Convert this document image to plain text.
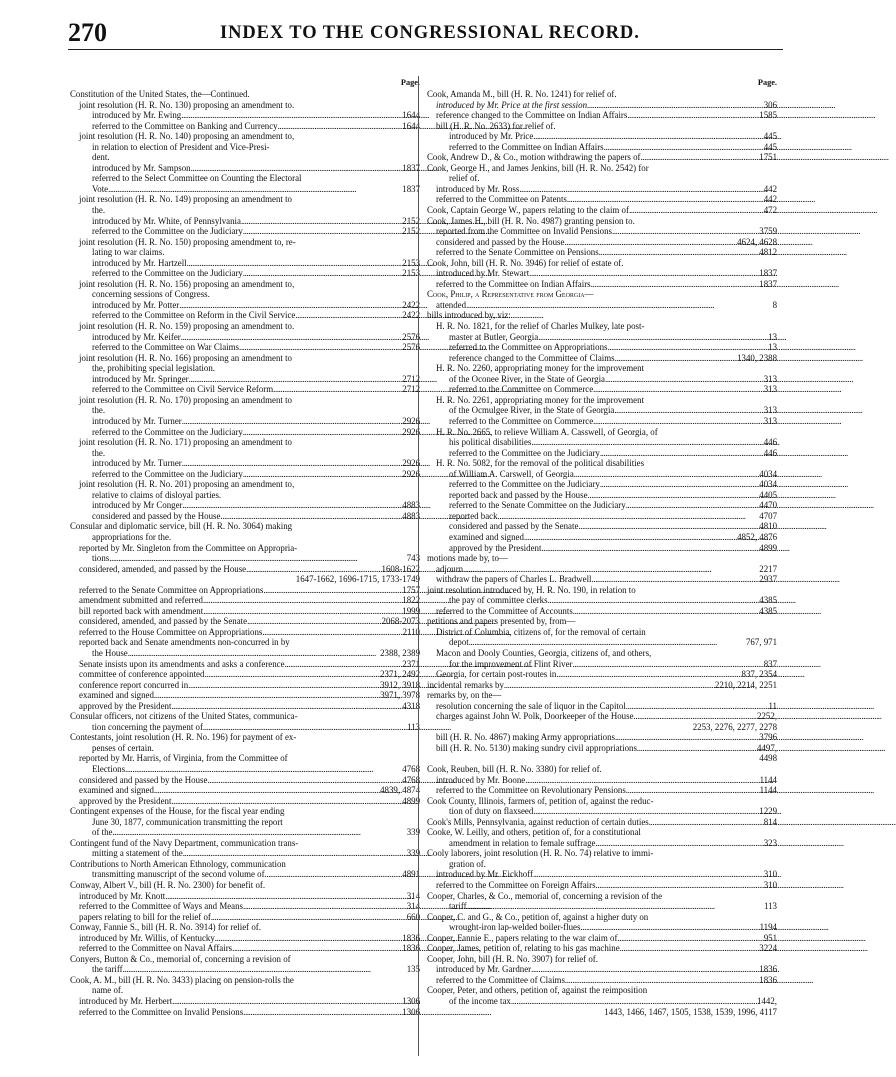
270	INDEX TO THE CONGRESSIONAL RECORD.
Page.
Constitution of the United States, the—Continued.
joint resolution (H. R. No. 130) proposing an amendment to.
introduced by Mr. Ewing . . .	1644
referred to the Committee on Banking and Currency . . .	1644
joint resolution (H. R. No. 140) proposing an amendment to,
in relation to election of President and Vice-Presi-
dent.
introduced by Mr. Sampson . . .	1837
referred to the Select Committee on Counting the Electoral
Vote . . .	1837
joint resolution (H. R. No. 149) proposing an amendment to
the.
introduced by Mr. White, of Pennsylvania . . .	2152
referred to the Committee on the Judiciary . . .	2152
joint resolution (H. R. No. 150) proposing amendment to, re-
lating to war claims.
introduced by Mr. Hartzell . . .	2153
referred to the Committee on the Judiciary . . .	2153
joint resolution (H. R. No. 156) proposing an amendment to,
concerning sessions of Congress.
introduced by Mr. Potter . . .	2422
referred to the Committee on Reform in the Civil Service . . .	2422
joint resolution (H. R. No. 159) proposing an amendment to.
introduced by Mr. Keifer . . .	2576
referred to the Committee on War Claims . . .	2576
joint resolution (H. R. No. 166) proposing an amendment to
the, prohibiting special legislation.
introduced by Mr. Springer . . .	2712
referred to the Committee on Civil Service Reform . . .	2712
joint resolution (H. R. No. 170) proposing an amendment to
the.
introduced by Mr. Turner . . .	2926
referred to the Committee on the Judiciary . . .	2926
joint resolution (H. R. No. 171) proposing an amendment to
the.
introduced by Mr. Turner . . .	2926
referred to the Committee on the Judiciary . . .	2926
joint resolution (H. R. No. 201) proposing an amendment to,
relative to claims of disloyal parties.
introduced by Mr Conger . . .	4883
considered and passed by the House . . .	4883
Consular and diplomatic service, bill (H. R. No. 3064) making
appropriations for the.
reported by Mr. Singleton from the Committee on Appropria-
tions . . .	743
considered, amended, and passed by the House . . .	1608-1622
1647-1662, 1696-1715, 1733-1749
referred to the Senate Committee on Appropriations . . .	1757
amendment submitted and referred . . .	1822
bill reported back with amendment . . .	1999
considered, amended, and passed by the Senate . . .	2068-2073
referred to the House Committee on Appropriations . . .	2110
reported back and Senate amendments non-concurred in by
the House . . .	2388, 2389
Senate insists upon its amendments and asks a conference . . .	2371
committee of conference appointed . . .	2371, 2492
conference report concurred in . . .	3912, 3918
examined and signed . . .	3971, 3978
approved by the President . . .	4318
Consular officers, not citizens of the United States, communica-
tion concerning the payment of . . .	113
Contestants, joint resolution (H. R. No. 196) for payment of ex-
penses of certain.
reported by Mr. Harris, of Virginia, from the Committee of
Elections . . .	4768
considered and passed by the House . . .	4768
examined and signed . . .	4839, 4874
approved by the President . . .	4899
Contingent expenses of the House, for the fiscal year ending
June 30, 1877, communication transmitting the report
of the . . .	339
Contingent fund of the Navy Department, communication trans-
mitting a statement of the . . .	339
Contributions to North American Ethnology, communication
transmitting manuscript of the second volume of . . .	4891
Conway, Albert V., bill (H. R. No. 2300) for benefit of.
introduced by Mr. Knott . . .	314
referred to the Committee of Ways and Means . . .	314
papers relating to bill for the relief of . . .	660
Conway, Fannie S., bill (H. R. No. 3914) for relief of.
introduced by Mr. Willis, of Kentucky . . .	1836
referred to the Committee on Naval Affairs . . .	1836
Conyers, Button & Co., memorial of, concerning a revision of
the tariff . . .	135
Cook, A. M., bill (H. R. No. 3433) placing on pension-rolls the
name of.
introduced by Mr. Herbert . . .	1306
referred to the Committee on Invalid Pensions . . .	1306
Page.
Cook, Amanda M., bill (H. R. No. 1241) for relief of.
introduced by Mr. Price at the first session . . .	306
reference changed to the Committee on Indian Affairs . . .	1585
bill (H. R. No. 2633) for relief of.
introduced by Mr. Price . . .	445
referred to the Committee on Indian Affairs . . .	445
Cook, Andrew D., & Co., motion withdrawing the papers of . . .	1751
Cook, George H., and James Jenkins, bill (H. R. No. 2542) for
relief of.
introduced by Mr. Ross . . .	442
referred to the Committee on Patents . . .	442
Cook, Captain George W., papers relating to the claim of . . .	472
Cook, James H., bill (H. R. No. 4987) granting pension to.
reported from the Committee on Invalid Pensions . . .	3759
considered and passed by the House . . .	4624, 4628
referred to the Senate Committee on Pensions . . .	4812
Cook, John, bill (H. R. No. 3946) for relief of estate of.
introduced by Mr. Stewart . . .	1837
referred to the Committee on Indian Affairs . . .	1837
Cook, Philip, a Representative from Georgia—
attended . . .	8
bills introduced by, viz:
H. R. No. 1821, for the relief of Charles Mulkey, late post-
master at Butler, Georgia . . .	13
referred to the Committee on Appropriations . . .	13
reference changed to the Committee of Claims . . .	1340, 2388
H. R. No. 2260, appropriating money for the improvement
of the Oconee River, in the State of Georgia . . .	313
referred to the Committee on Commerce . . .	313
H. R. No. 2261, appropriating money for the improvement
of the Ocmulgee River, in the State of Georgia . . .	313
referred to the Committee on Commerce . . .	313
H. R. No. 2665, to relieve William A. Casswell, of Georgia, of
his political disabilities . . .	446
referred to the Committee on the Judiciary . . .	446
H. R. No. 5082, for the removal of the political disabilities
of William A. Carswell, of Georgia . . .	4034
referred to the Committee on the Judiciary . . .	4034
reported back and passed by the House . . .	4405
referred to the Senate Committee on the Judiciary . . .	4470
reported back . . .	4707
considered and passed by the Senate . . .	4810
examined and signed . . .	4852, 4876
approved by the President . . .	4899
motions made by, to—
adjourn . . .	2217
withdraw the papers of Charles L. Bradwell . . .	2937
joint resolution introduced by, H. R. No. 190, in relation to
the pay of committee clerks . . .	4385
referred to the Committee of Accounts . . .	4385
petitions and papers presented by, from—
District of Columbia, citizens of, for the removal of certain
depot . . .	767, 971
Macon and Dooly Counties, Georgia, citizens of, and others,
for the improvement of Flint River . . .	837
Georgia, for certain post-routes in . . .	837, 2354
incidental remarks by . . .	2210, 2214, 2251
remarks by, on the—
resolution concerning the sale of liquor in the Capitol . . .	11
charges against John W. Polk, Doorkeeper of the House . . .	2252,
2253, 2276, 2277, 2278
bill (H. R. No. 4867) making Army appropriations . . .	3796
bill (H. R. No. 5130) making sundry civil appropriations . . .	4497,
4498
Cook, Reuben, bill (H. R. No. 3380) for relief of.
introduced by Mr. Boone . . .	1144
referred to the Committee on Revolutionary Pensions . . .	1144
Cook County, Illinois, farmers of, petition of, against the reduc-
tion of duty on flaxseed . . .	1229
Cook's Mills, Pennsylvania, against reduction of certain duties . . .	814
Cooke, W. Leilly, and others, petition of, for a constitutional
amendment in relation to female suffrage . . .	323
Cooly laborers, joint resolution (H. R. No. 74) relative to immi-
gration of.
introduced by Mr. Eickhoff . . .	310
referred to the Committee on Foreign Affairs . . .	310
Cooper, Charles, & Co., memorial of, concerning a revision of the
tariff . . .	113
Cooper, C. and G., & Co., petition of, against a higher duty on
wrought-iron lap-welded boiler-flues . . .	1194
Cooper, Fannie E., papers relating to the war claim of . . .	951
Cooper, James, petition of, relating to his gas machine . . .	3224
Cooper, John, bill (H. R. No. 3907) for relief of.
introduced by Mr. Gardner . . .	1836
referred to the Committee of Claims . . .	1836
Cooper, Peter, and others, petition of, against the reimposition
of the income tax . . .	1442,
1443, 1466, 1467, 1505, 1538, 1539, 1996, 4117
